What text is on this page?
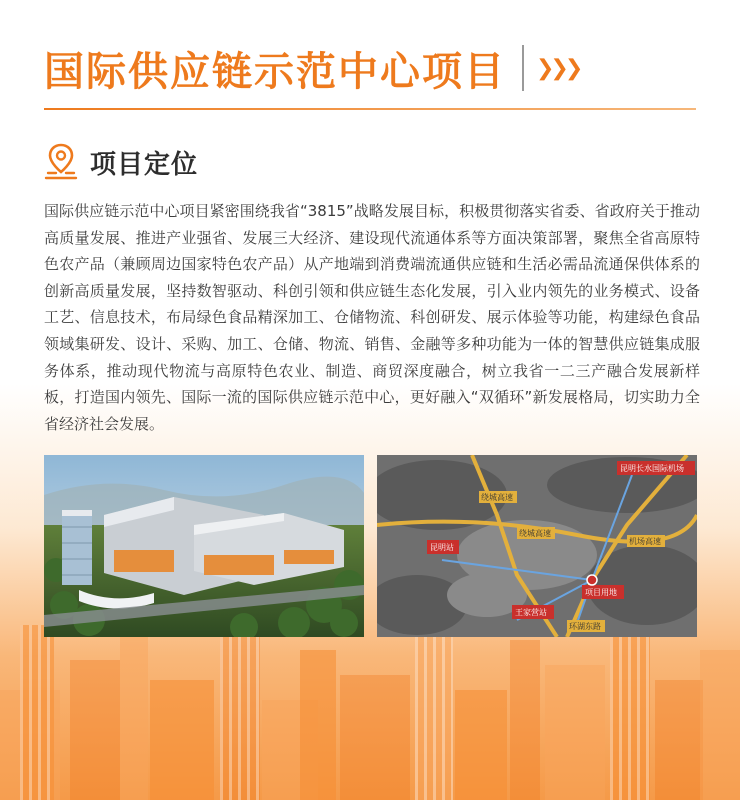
国际供应链示范中心项目 ❯❯❯
项目定位

国际供应链示范中心项目紧密围绕我省“3815”战略发展目标，积极贯彻落实省委、省政府关于推动高质量发展、推进产业强省、发展三大经济、建设现代流通体系等方面决策部署，聚焦全省高原特色农产品（兼顾周边国家特色农产品）从产地端到消费端流通供应链和生活必需品流通保供体系的创新高质量发展，坚持数智驱动、科创引领和供应链生态化发展，引入业内领先的业务模式、设备工艺、信息技术，布局绿色食品精深加工、仓储物流、科创研发、展示体验等功能，构建绿色食品领域集研发、设计、采购、加工、仓储、物流、销售、金融等多种功能为一体的智慧供应链集成服务体系，推动现代物流与高原特色农业、制造、商贸深度融合，树立我省一二三产融合发展新样板，打造国内领先、国际一流的国际供应链示范中心，更好融入“双循环”新发展格局，切实助力全省经济社会发展。

昆明长水国际机场
昆明站
项目用地
王家营站
绕城高速
机场高速
绕城高速
环湖东路
